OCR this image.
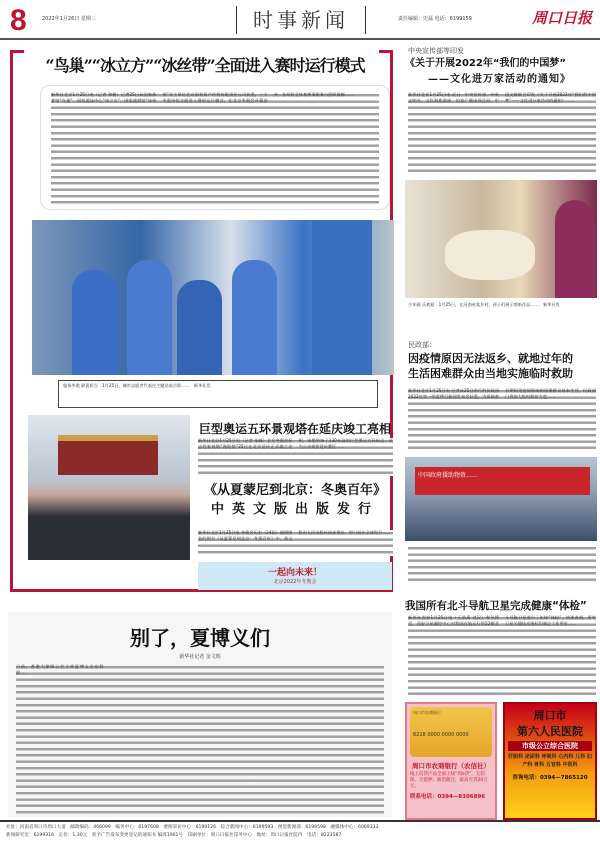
8	2022年1月26日 星期三	时事新闻	责任编辑：史磊 电话：6199159	周口日报
“鸟巢”“冰立方”“冰丝带”全面进入赛时运行模式
新华社北京1月25日电（记者 和耕）记者25日从国家体育馆“鸟巢”、国家游泳中心“冰立方”、国家速滑馆“冰丝带”业主单位北京国有资产经营有限责任公司获悉，三大冬奥场馆全面进入赛时运行模式，在北京冬奥会开幕前夕，各场馆全体育赛事服务与组织保障……
服务冬奥 职责担当　1月25日，城市志愿者代表在主题站前合影……　新华社发
巨型奥运五环景观塔在延庆竣工亮相
新华社北京1月25日电（记者 朱峰）北京冬奥会标志性景观塔“海陀塔”25日在北京延庆正式竣工亮相，该塔装饰了130米高的巨型奥运五环标志，成为公众观赏延庆赛区……
《从夏蒙尼到北京：冬奥百年》
中英文版出版发行
新华社北京1月25日电 冬奥会历史（24届）插图图卷的图书《从夏蒙尼到北京：冬奥百年》中、英文版由人民出版社同步推出，即日起在全球发行……
一起向未来！
北京2022年冬奥会
别了，夏博义们
新华社记者 金文晖
日前，香港大律师公会主席夏博义宣布辞职……
中央宣传部等印发
《关于开展2022年“我们的中国梦”
——文化进万家活动的通知》
新华社北京1月25日电 近日，中央宣传部、中央文明办、文化和旅游部、国家广播电视总局、中国文联联合印发《关于开展2022年“我们的中国梦”——文化进万家活动的通知》……
少年画 乐欢迎　1月25日，在河南省某乡村，孩子们展示剪纸作品……　新华社发
民政部：
因疫情原因无法返乡、就地过年的
生活困难群众由当地实施临时救助
新华社北京1月25日电 记者从25日举行的民政部2022年第一季度例行新闻发布会获悉，为保障春节期间受疫情影响的困难群众基本生活，民政部门将加大临时救助力度……
中国政府援助物资……
我国所有北斗导航卫星完成健康“体检”
新华社西安1月25日电（王浩禹 刘汉）春节将至，西安卫星测控中心对我国在轨运行的52颗北斗导航卫星进行了年终“体检”，结果表明，所有卫星关键技术指标均满足工作要求……
周口市农商银行
6228 0000 0000 0000
周口市农商银行（农信社）
线上信贷产品全面上线“周e贷”，无担保、无抵押、随借随还，最高可贷20万元。
联系电话：0394—8306896
周口市
第六人民医院
市级公立综合医院
肝胆科 泌尿科 呼吸科 心内科 儿科 妇产科 骨科 五官科 中医科
咨询电话：0394—7865120
社址：河南省周口市周口大道　邮政编码：466099　编务中心：6197608　要闻采访中心：6190126　综合新闻中心：6199593　视觉新闻部：6199598　融媒体中心：6069333
新闻研究室：6199316　定价：1.30元　准予广告发布变更登记的通知书 编周1901号　印刷单位：周口日报社印务中心　地址：周口日报社院内　电话：8223587
